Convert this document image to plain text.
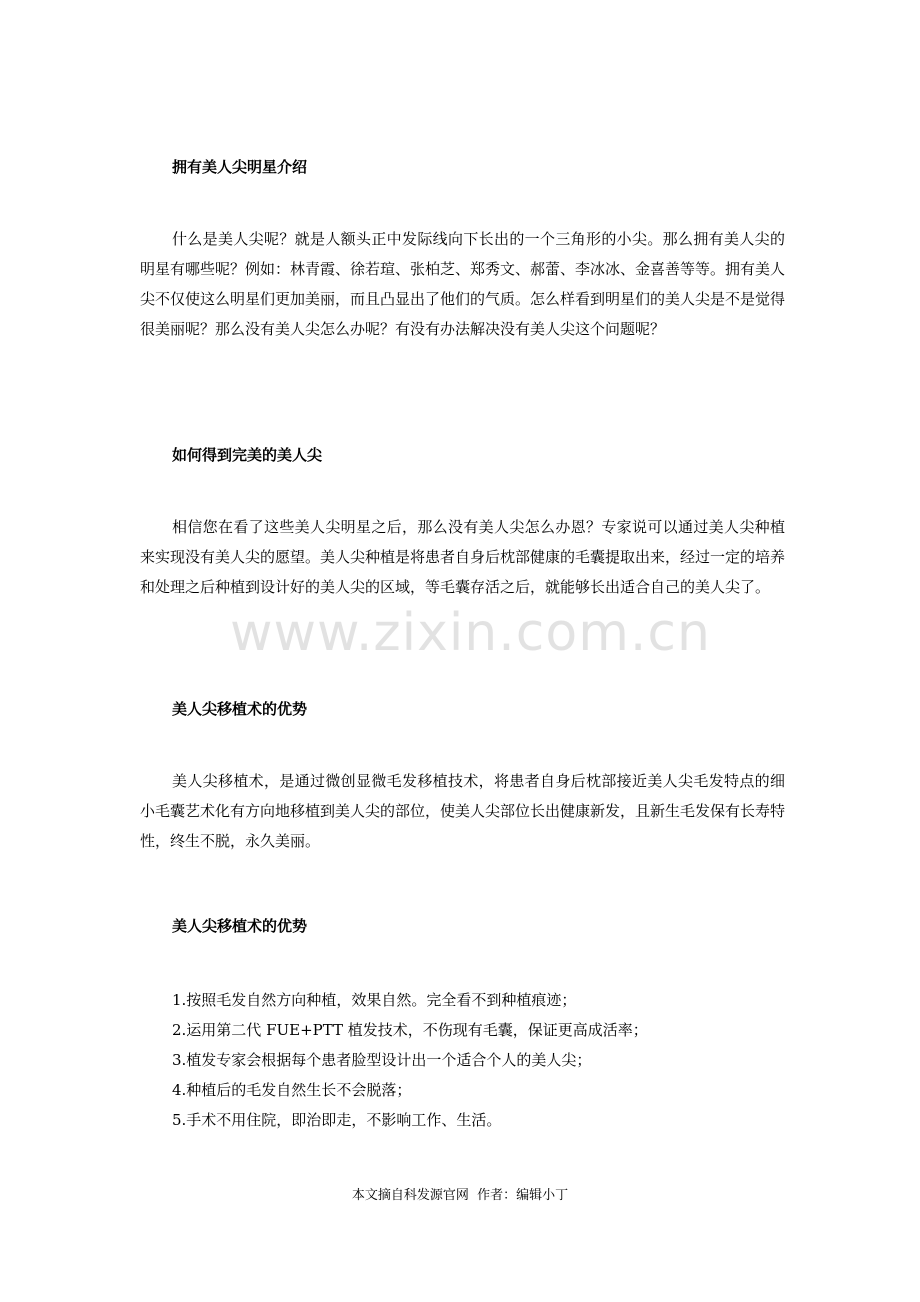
拥有美人尖明星介绍
什么是美人尖呢？就是人额头正中发际线向下长出的一个三角形的小尖。那么拥有美人尖的明星有哪些呢？例如：林青霞、徐若瑄、张柏芝、郑秀文、郝蕾、李冰冰、金喜善等等。拥有美人尖不仅使这么明星们更加美丽，而且凸显出了他们的气质。怎么样看到明星们的美人尖是不是觉得很美丽呢？那么没有美人尖怎么办呢？有没有办法解决没有美人尖这个问题呢？
如何得到完美的美人尖
相信您在看了这些美人尖明星之后，那么没有美人尖怎么办恩？专家说可以通过美人尖种植来实现没有美人尖的愿望。美人尖种植是将患者自身后枕部健康的毛囊提取出来，经过一定的培养和处理之后种植到设计好的美人尖的区域，等毛囊存活之后，就能够长出适合自己的美人尖了。
美人尖移植术的优势
美人尖移植术，是通过微创显微毛发移植技术，将患者自身后枕部接近美人尖毛发特点的细小毛囊艺术化有方向地移植到美人尖的部位，使美人尖部位长出健康新发，且新生毛发保有长寿特性，终生不脱，永久美丽。
美人尖移植术的优势
1.按照毛发自然方向种植，效果自然。完全看不到种植痕迹；
2.运用第二代 FUE+PTT 植发技术，不伤现有毛囊，保证更高成活率；
3.植发专家会根据每个患者脸型设计出一个适合个人的美人尖；
4.种植后的毛发自然生长不会脱落；
5.手术不用住院，即治即走，不影响工作、生活。
www.zixin.com.cn
本文摘自科发源官网  作者：编辑小丁
